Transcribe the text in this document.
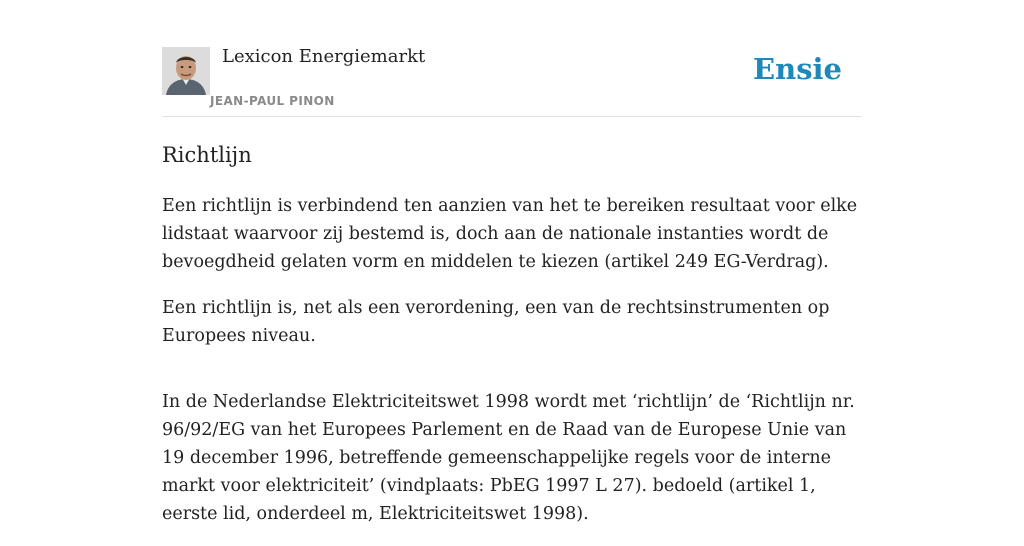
Lexicon Energiemarkt
JEAN-PAUL PINON
Ensie
Richtlijn

Een richtlijn is verbindend ten aanzien van het te bereiken resultaat voor elke lidstaat waarvoor zij bestemd is, doch aan de nationale instanties wordt de bevoegdheid gelaten vorm en middelen te kiezen (artikel 249 EG-Verdrag).

Een richtlijn is, net als een verordening, een van de rechtsinstrumenten op Europees niveau.

In de Nederlandse Elektriciteitswet 1998 wordt met ‘richtlijn’ de ‘Richtlijn nr. 96/92/EG van het Europees Parlement en de Raad van de Europese Unie van 19 december 1996, betreffende gemeenschappelijke regels voor de interne markt voor elektriciteit’ (vindplaats: PbEG 1997 L 27). bedoeld (artikel 1, eerste lid, onderdeel m, Elektriciteitswet 1998).
